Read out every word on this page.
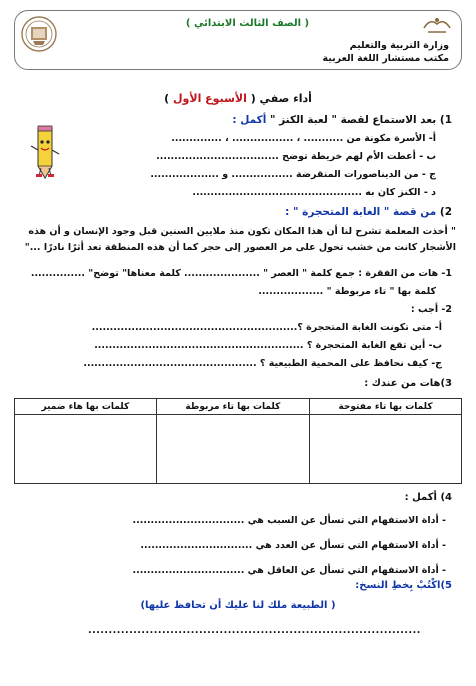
( الصف الثالث الابتدائي )
وزارة التربية والتعليم
مكتب مستشار اللغة العربية
أداء صفي ( الأسبوع الأول )
1) بعد الاستماع لقصة " لعبة الكنز " أكمل :
أ- الأسرة مكونة من ........... ، ................. ، ..............
ب - أعطت الأم لهم خريطة توضح ..................................
ج - من الديناصورات المنقرضة ................. و ...................
د - الكنز كان به ...............................................
2) من قصة " الغابة المتحجرة " :
" أخذت المعلمة تشرح لنا أن هذا المكان تكون منذ ملايين السنين قبل وجود الإنسان و أن هذه الأشجار كانت من خشب تحول على مر العصور إلى حجر كما أن هذه المنطقة تعد أثرًا نادرًا ..."
1- هات من الفقرة : جمع كلمة " العصر " ..................... كلمة معناها" توضح" ...............
كلمة بها " تاء مربوطة " ..................
2- أجب :
أ- متى تكونت الغابة المتحجرة ؟.........................................................
ب- أين تقع الغابة المتحجرة ؟ ..........................................................
ج- كيف نحافظ على المحمية الطبيعية ؟ ................................................
3)هات من عندك :
كلمات بها تاء مفتوحة	كلمات بها تاء مربوطة	كلمات بها هاء ضمير

4) أكمل :
- أداة الاستفهام التي تسأل عن السبب هي ...............................
- أداة الاستفهام التي تسأل عن العدد هي ...............................
- أداة الاستفهام التي تسأل عن العاقل هي ...............................
5)اكْتُبْ بِخطِ النسخ:
( الطبيعة ملك لنا عليك أن تحافظ عليها)
.................................................................................
